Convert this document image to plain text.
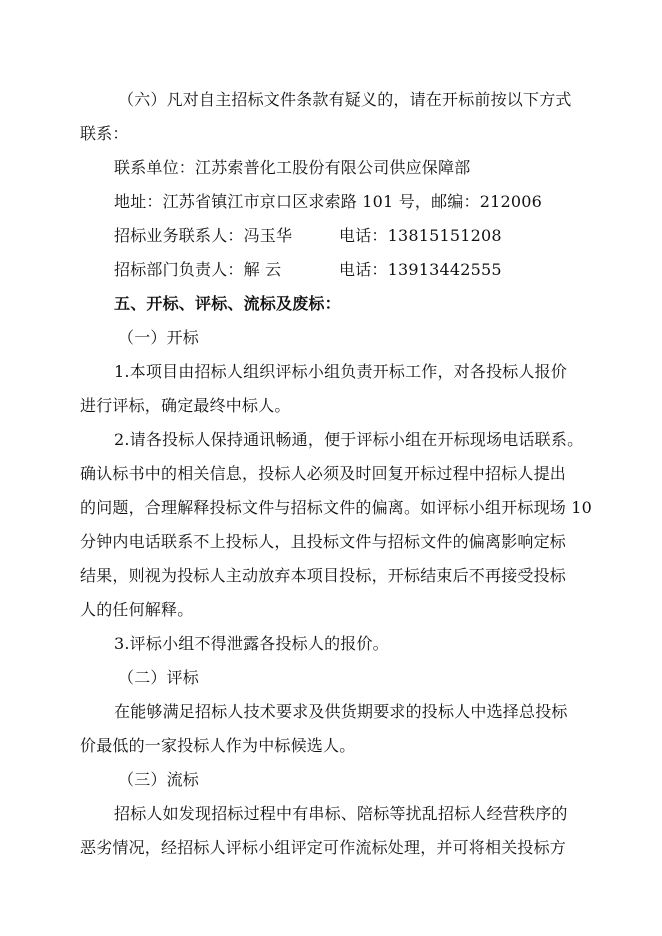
（六）凡对自主招标文件条款有疑义的，请在开标前按以下方式
联系：
联系单位：江苏索普化工股份有限公司供应保障部
地址：江苏省镇江市京口区求索路 101 号，邮编：212006
招标业务联系人：冯玉华	电话：13815151208
招标部门负责人：解 云	电话：13913442555
五、开标、评标、流标及废标：
（一）开标
1.本项目由招标人组织评标小组负责开标工作，对各投标人报价
进行评标，确定最终中标人。
2.请各投标人保持通讯畅通，便于评标小组在开标现场电话联系。
确认标书中的相关信息，投标人必须及时回复开标过程中招标人提出
的问题，合理解释投标文件与招标文件的偏离。如评标小组开标现场 10
分钟内电话联系不上投标人，且投标文件与招标文件的偏离影响定标
结果，则视为投标人主动放弃本项目投标，开标结束后不再接受投标
人的任何解释。
3.评标小组不得泄露各投标人的报价。
（二）评标
在能够满足招标人技术要求及供货期要求的投标人中选择总投标
价最低的一家投标人作为中标候选人。
（三）流标
招标人如发现招标过程中有串标、陪标等扰乱招标人经营秩序的
恶劣情况，经招标人评标小组评定可作流标处理，并可将相关投标方
